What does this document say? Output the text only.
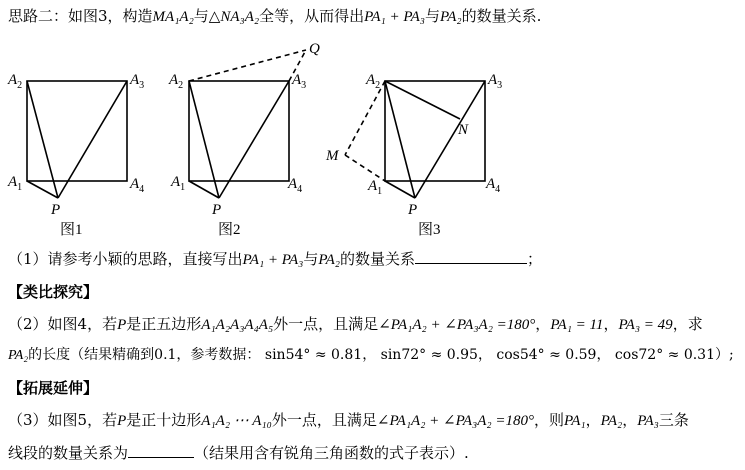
思路二：如图3，构造MA₁A₂与△NA₃A₂全等，从而得出PA₁ + PA₃与PA₂的数量关系.
$A_2$	$A_3$
$A_1$	$A_4$
P
图1
$A_2$	$A_3$
$A_1$	$A_4$
Q
P
图2
$A_2$	$A_3$
$A_1$	$A_4$
M
N
P
图3
（1）请参考小颖的思路，直接写出PA₁ + PA₃与PA₂的数量关系	；
【类比探究】
（2）如图4，若P是正五边形A₁A₂A₃A₄A₅外一点，且满足∠PA₁A₂ + ∠PA₃A₂ =180°，PA₁ = 11，PA₃ = 49，求
PA₂的长度（结果精确到0.1，参考数据： sin54° ≈ 0.81， sin72° ≈ 0.95， cos54° ≈ 0.59， cos72° ≈ 0.31）;
【拓展延伸】
（3）如图5，若P是正十边形A₁A₂ ⋯ A₁₀外一点，且满足∠PA₁A₂ + ∠PA₃A₂ =180°，则PA₁，PA₂，PA₃三条
线段的数量关系为	（结果用含有锐角三角函数的式子表示）.
